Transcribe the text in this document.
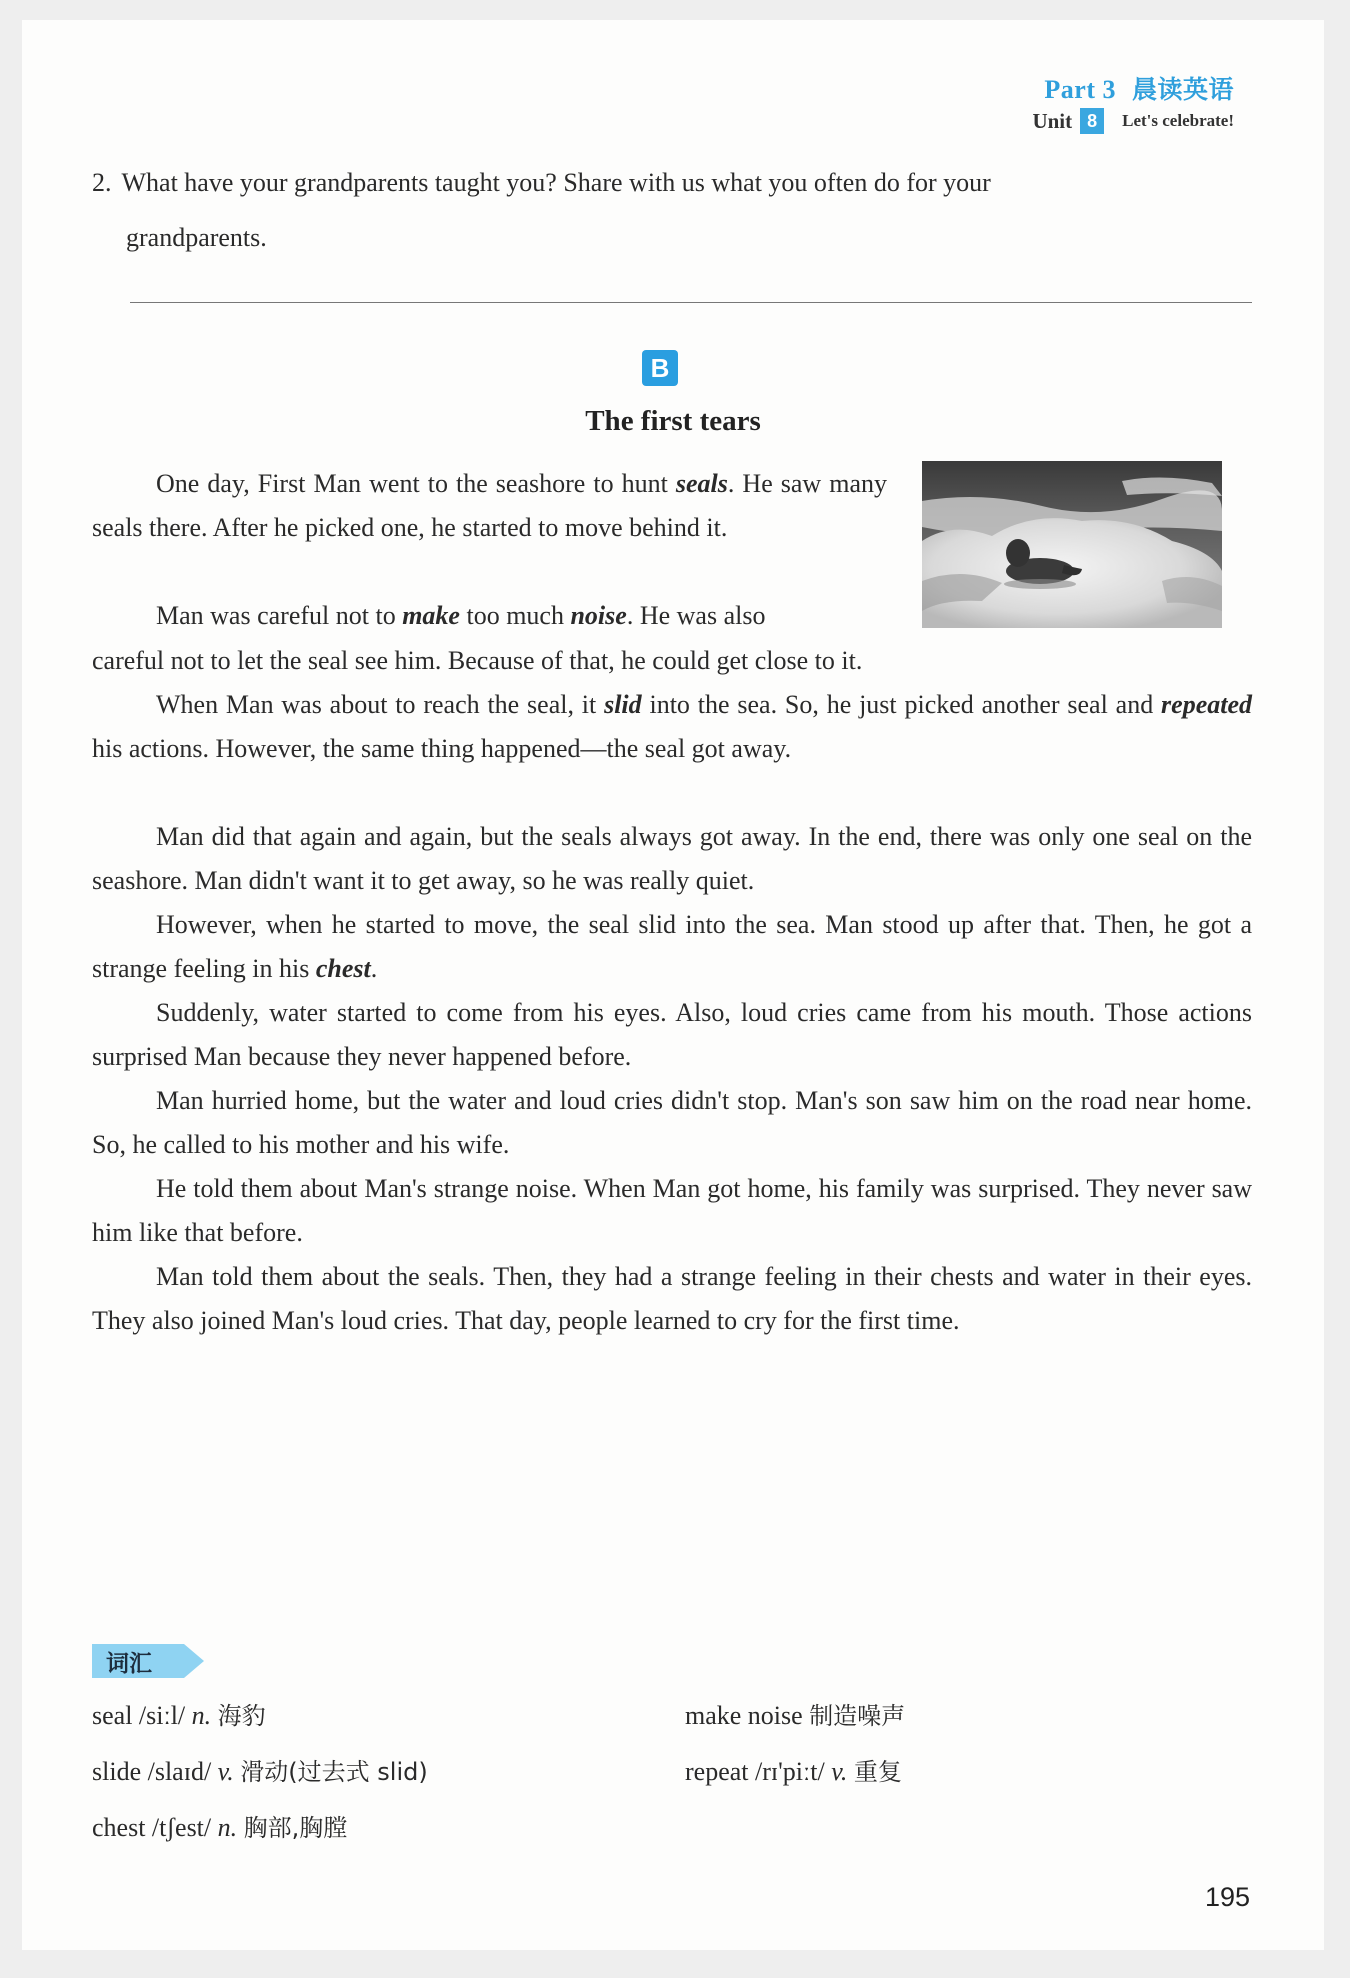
Part 3 晨读英语
Unit 8	Let's celebrate!
2. What have your grandparents taught you? Share with us what you often do for your
grandparents.
B
The first tears
One day, First Man went to the seashore to hunt seals. He saw many seals there. After he picked one, he started to move behind it.
Man was careful not to make too much noise. He was also
careful not to let the seal see him. Because of that, he could get close to it.
When Man was about to reach the seal, it slid into the sea. So, he just picked another seal and repeated his actions. However, the same thing happened—the seal got away.
Man did that again and again, but the seals always got away. In the end, there was only one seal on the seashore. Man didn't want it to get away, so he was really quiet.
However, when he started to move, the seal slid into the sea. Man stood up after that. Then, he got a strange feeling in his chest.
Suddenly, water started to come from his eyes. Also, loud cries came from his mouth. Those actions surprised Man because they never happened before.
Man hurried home, but the water and loud cries didn't stop. Man's son saw him on the road near home. So, he called to his mother and his wife.
He told them about Man's strange noise. When Man got home, his family was surprised. They never saw him like that before.
Man told them about the seals. Then, they had a strange feeling in their chests and water in their eyes. They also joined Man's loud cries. That day, people learned to cry for the first time.
词汇
seal /siːl/ n. 海豹
slide /slaɪd/ v. 滑动(过去式 slid)
chest /tʃest/ n. 胸部,胸膛
make noise 制造噪声
repeat /rɪ'piːt/ v. 重复
195
